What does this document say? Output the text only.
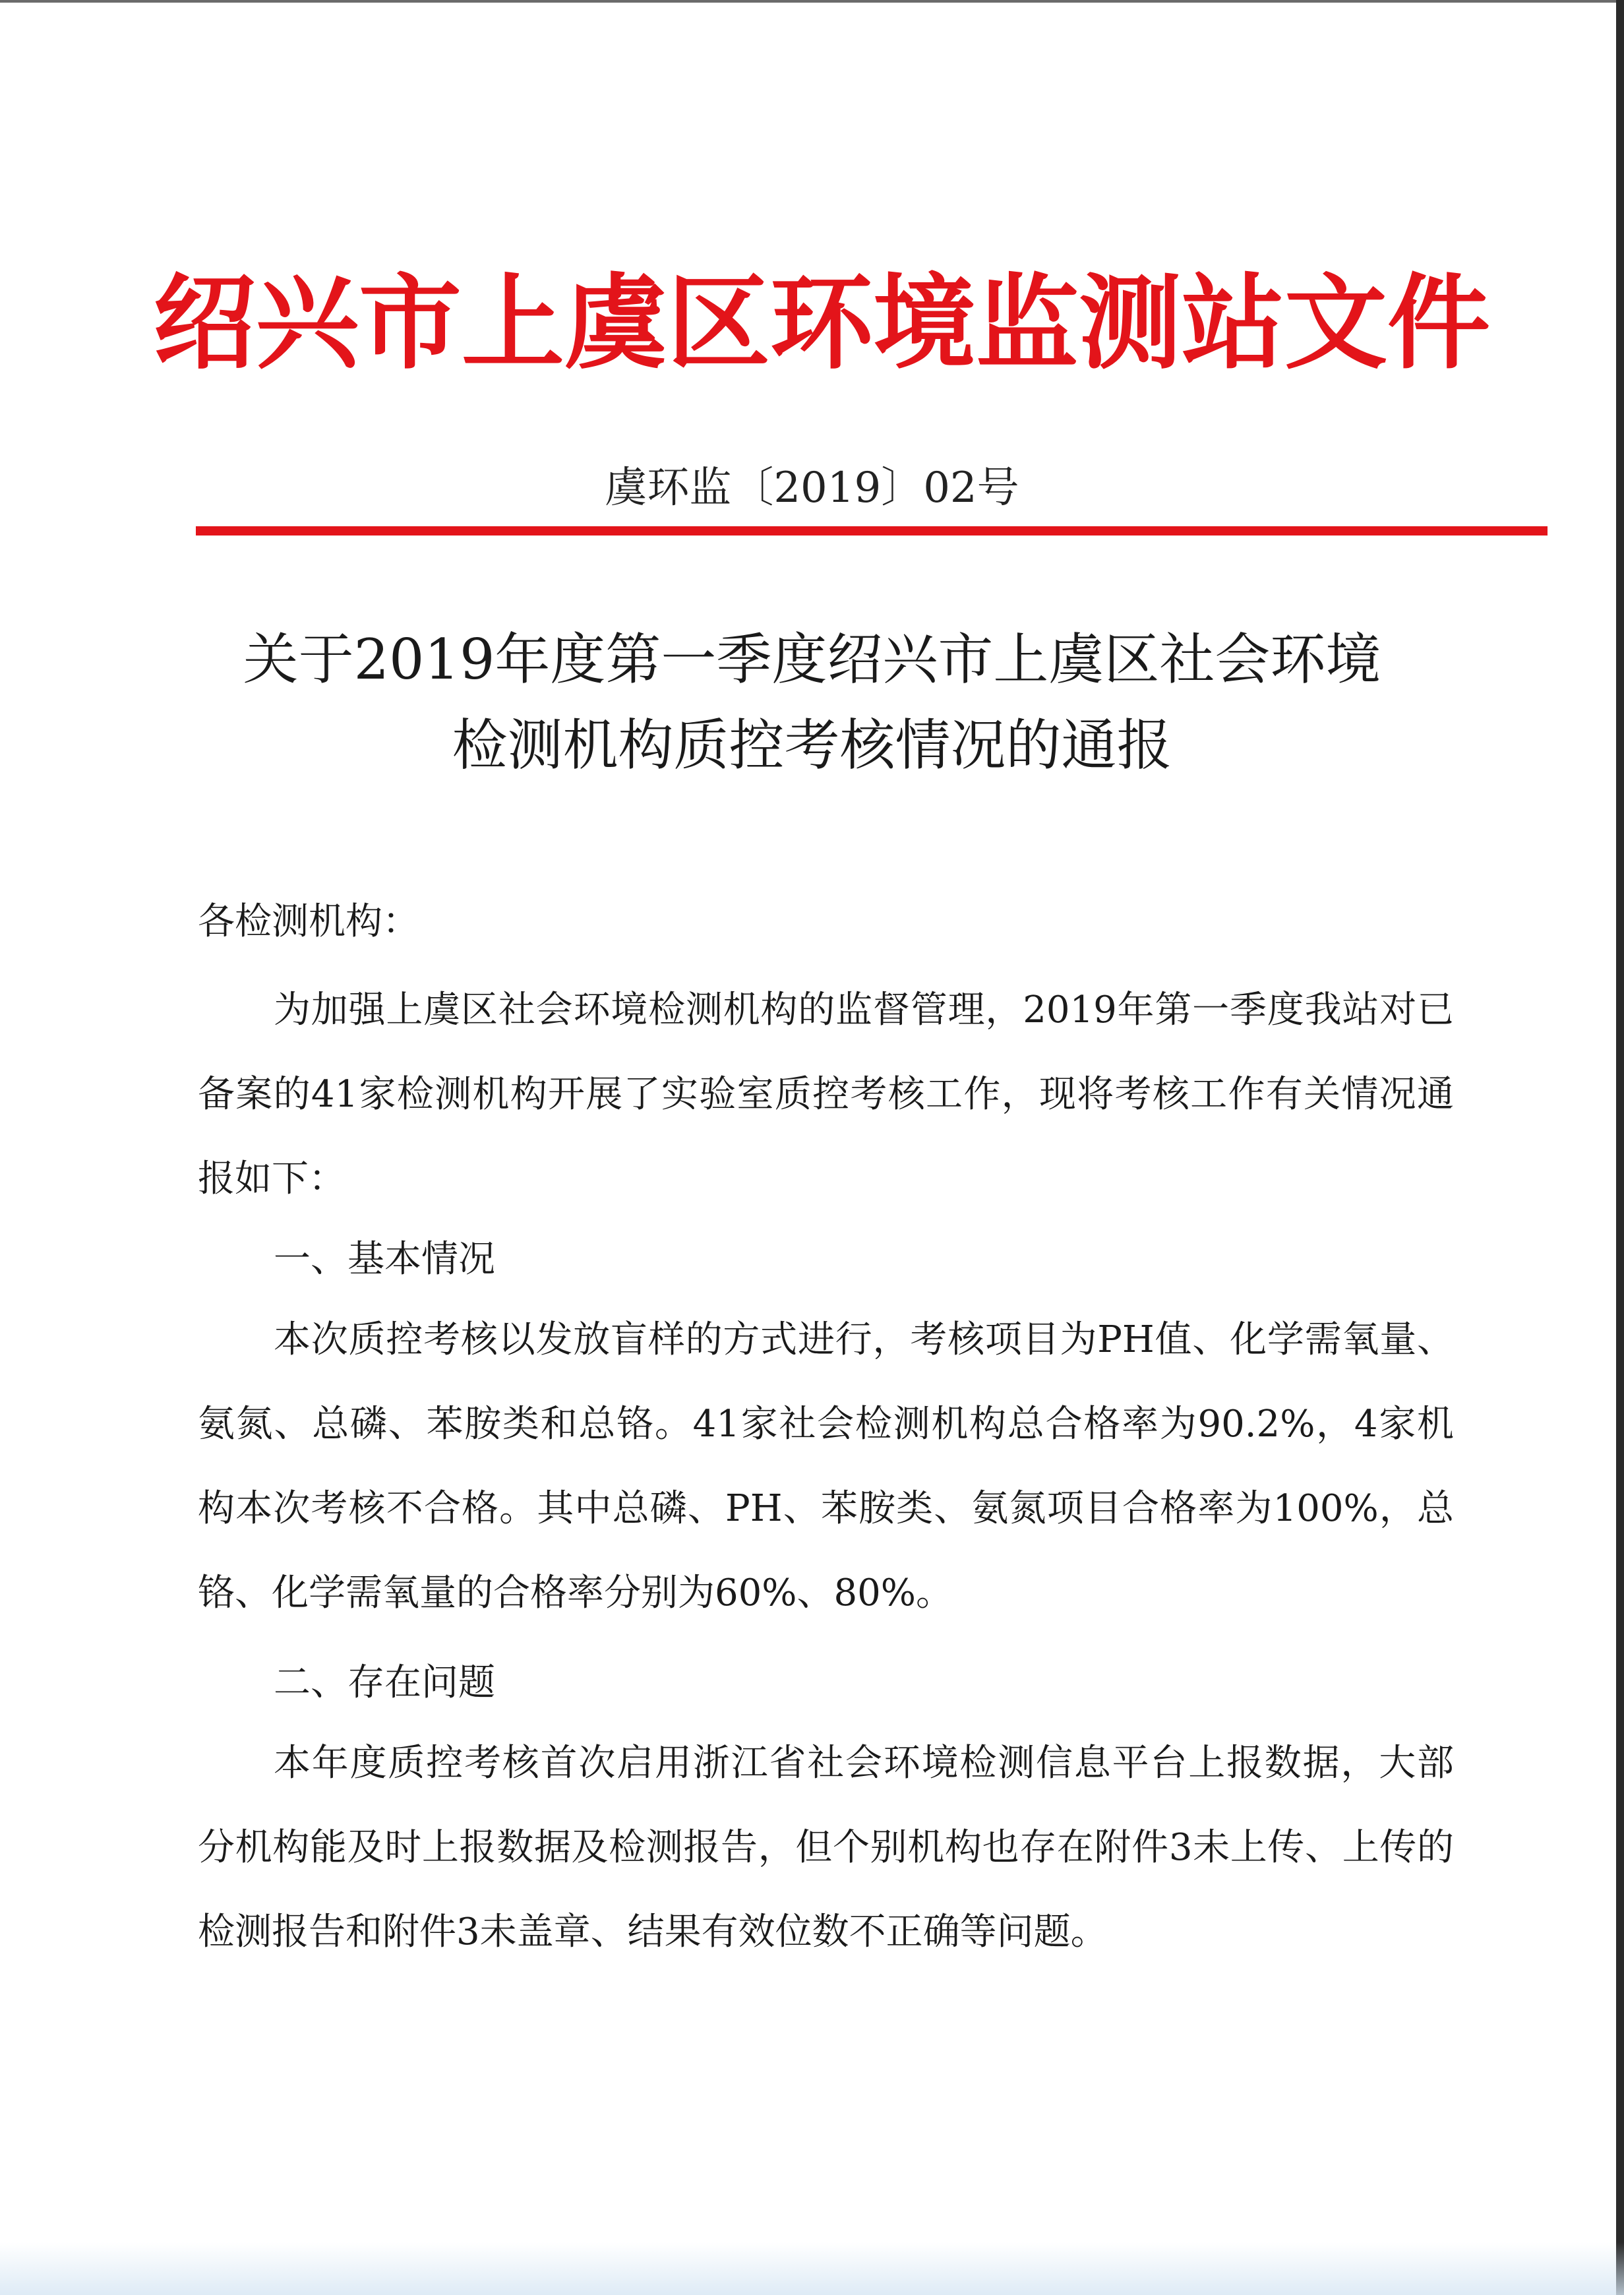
绍 兴 市 上 虞 区 环 境 监 测 站 文 件
虞环监〔2019〕02号
关于2019年度第一季度绍兴市上虞区社会环境
检测机构质控考核情况的通报
各检测机构：
为加强上虞区社会环境检测机构的监督管理，2019年第一季度我站对已备案的41家检测机构开展了实验室质控考核工作，现将考核工作有关情况通报如下：
一、基本情况
本次质控考核以发放盲样的方式进行，考核项目为PH值、化学需氧量、氨氮、总磷、苯胺类和总铬。41家社会检测机构总合格率为90.2%，4家机构本次考核不合格。其中总磷、PH、苯胺类、氨氮项目合格率为100%，总铬、化学需氧量的合格率分别为60%、80%。
二、存在问题
本年度质控考核首次启用浙江省社会环境检测信息平台上报数据，大部分机构能及时上报数据及检测报告，但个别机构也存在附件3未上传、上传的检测报告和附件3未盖章、结果有效位数不正确等问题。
